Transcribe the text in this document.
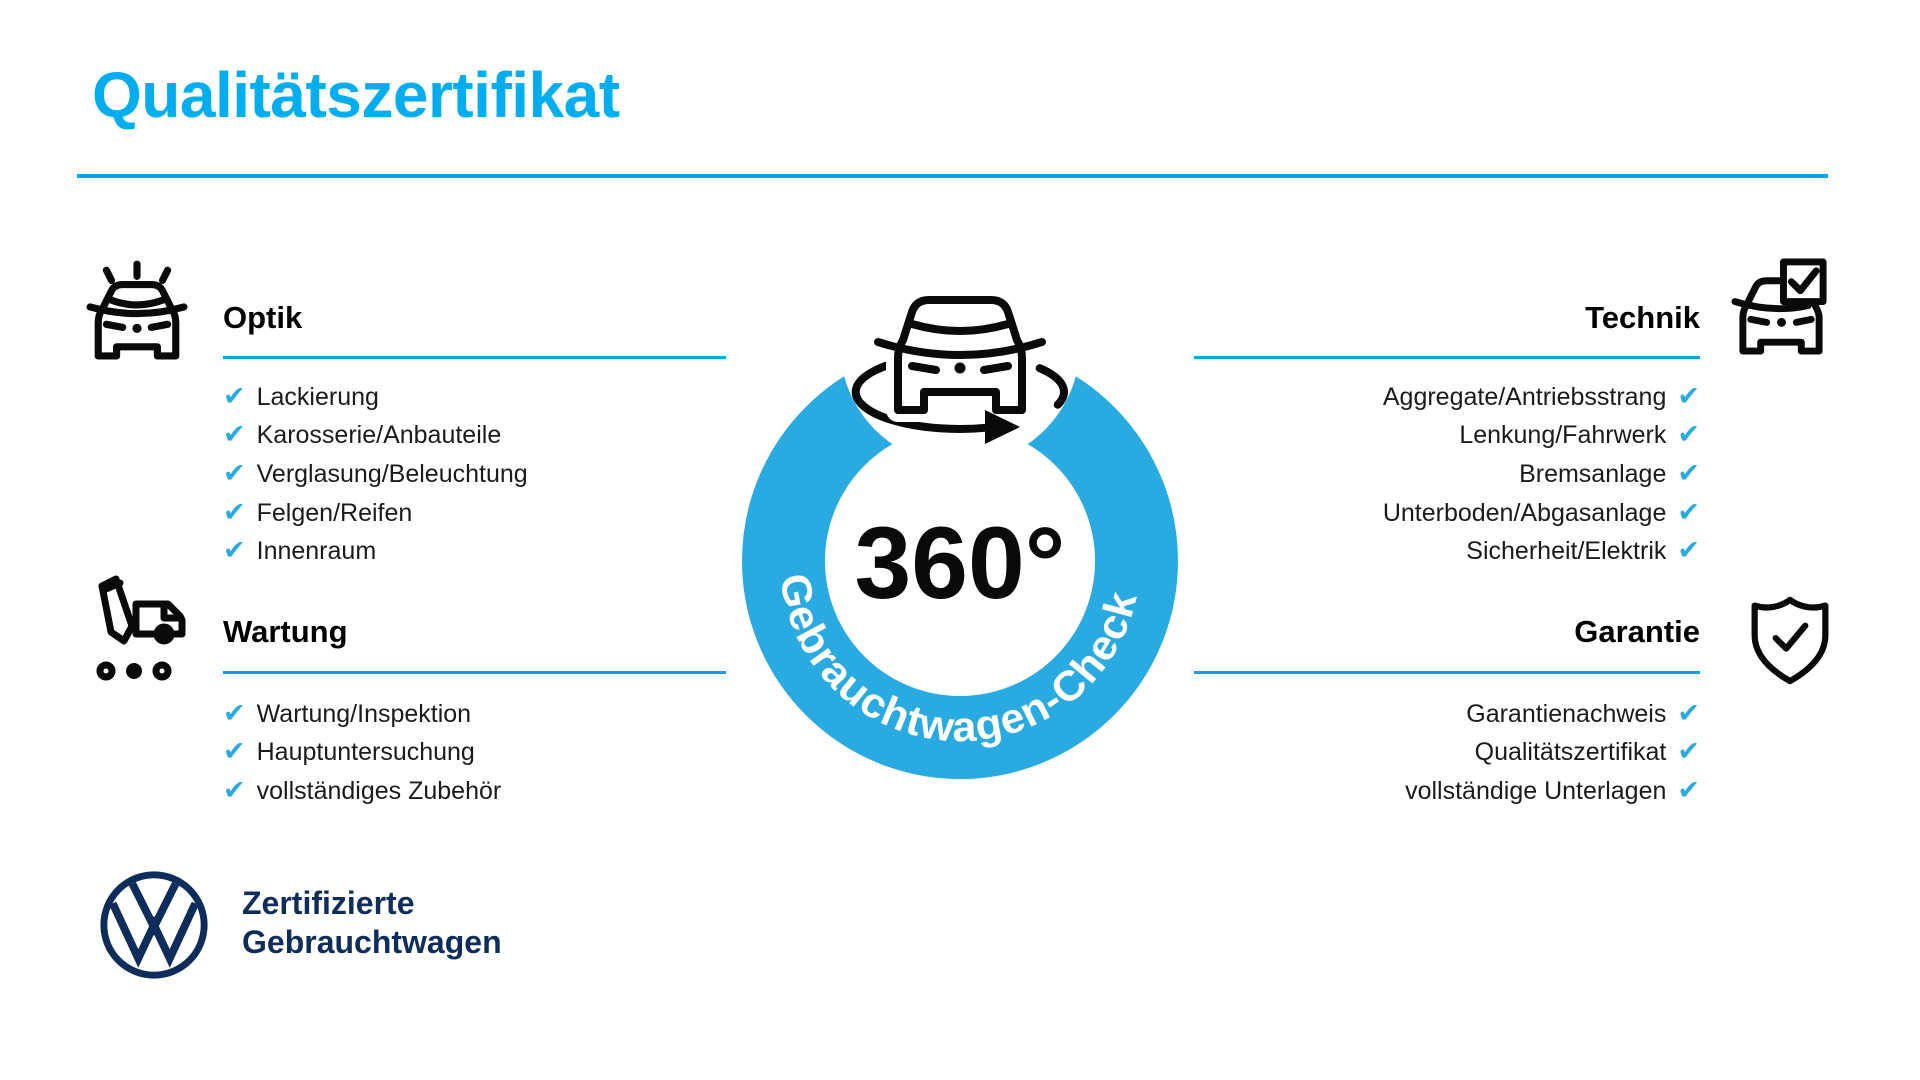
Qualitätszertifikat
Optik
✔ Lackierung
✔ Karosserie/Anbauteile
✔ Verglasung/Beleuchtung
✔ Felgen/Reifen
✔ Innenraum
Wartung
✔ Wartung/Inspektion
✔ Hauptuntersuchung
✔ vollständiges Zubehör
Technik
Aggregate/Antriebsstrang ✔
Lenkung/Fahrwerk ✔
Bremsanlage ✔
Unterboden/Abgasanlage ✔
Sicherheit/Elektrik ✔
Garantie
Garantienachweis ✔
Qualitätszertifikat ✔
vollständige Unterlagen ✔
360°
Gebrauchtwagen-Check
Zertifizierte
Gebrauchtwagen
